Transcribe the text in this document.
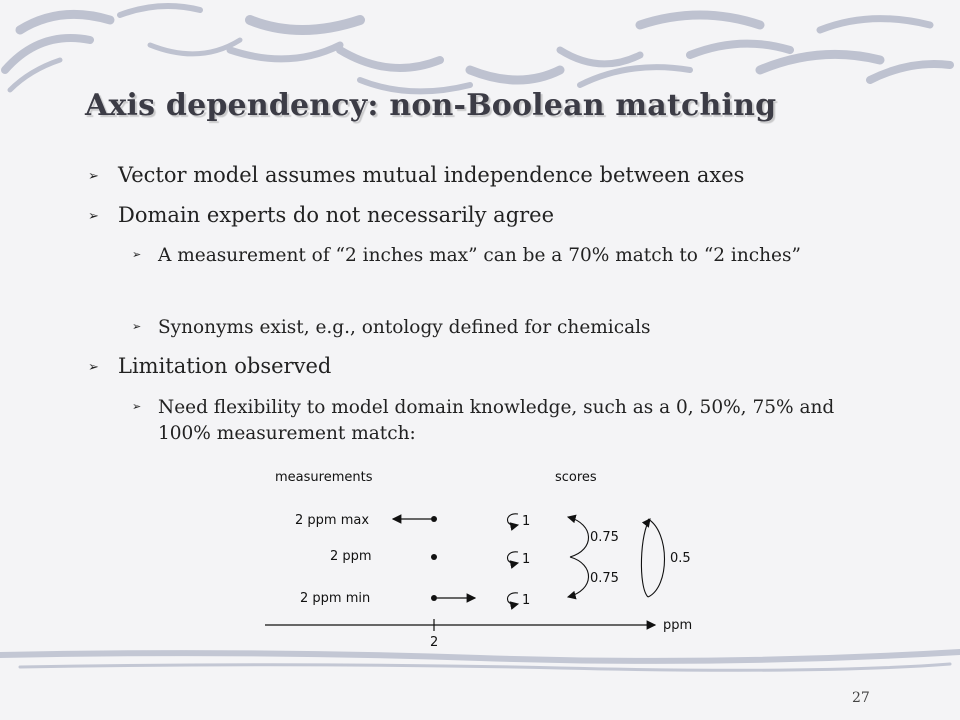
Axis dependency: non-Boolean matching
➢ Vector model assumes mutual independence between axes
➢ Domain experts do not necessarily agree
➢ A measurement of “2 inches max” can be a 70% match to “2 inches”
➢ Synonyms exist, e.g., ontology defined for chemicals
➢ Limitation observed
➢ Need flexibility to model domain knowledge, such as a 0, 50%, 75% and 100% measurement match:
measurements	scores
2 ppm max
2 ppm
2 ppm min
1
1
1
0.75
0.75
0.5
ppm
2
27
